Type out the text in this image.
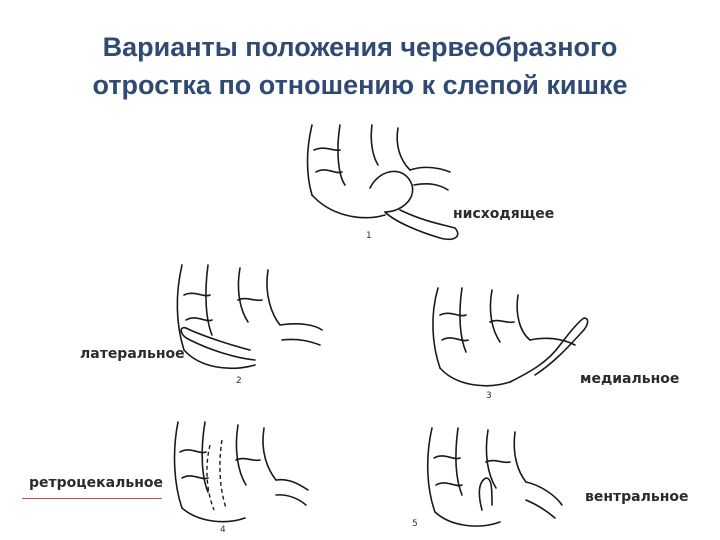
Варианты положения червеобразного
отростка по отношению к слепой кишке
1
2
3
4
5
нисходящее
латеральное
медиальное
ретроцекальное
вентральное
